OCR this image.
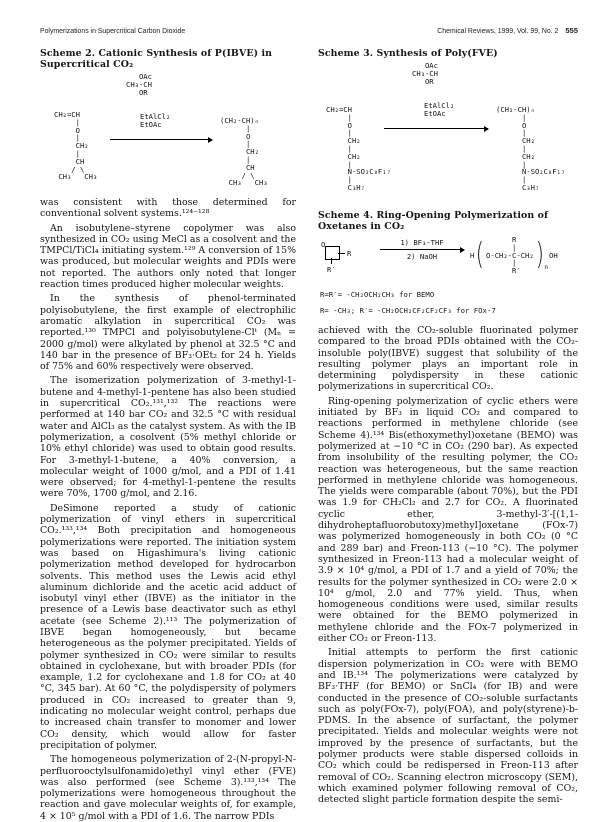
Polymerizations in Supercritical Carbon Dioxide	Chemical Reviews, 1999, Vol. 99, No. 2 555

Scheme 2. Cationic Synthesis of P(IBVE) in Supercritical CO₂

OAc
CH₃-CH
OR
EtAlCl₂
EtOAc
CH₂=CH
|
O
|
CH₂
|
CH
/ \
CH₃   CH₃
(CH₂-CH)ₙ
|
O
|
CH₂
|
CH
/ \
CH₃   CH₃

was consistent with those determined for conventional solvent systems.¹²⁴⁻¹²⁸

An isobutylene–styrene copolymer was also synthesized in CO₂ using MeCl as a cosolvent and the TMPCl/TiCl₄ initiating system.¹²⁹ A conversion of 15% was produced, but molecular weights and PDIs were not reported. The authors only noted that longer reaction times produced higher molecular weights.

In the synthesis of phenol-terminated polyisobutylene, the first example of electrophilic aromatic alkylation in supercritical CO₂ was reported.¹³⁰ TMPCl and polyisobutylene-Clᵗ (Mₙ = 2000 g/mol) were alkylated by phenol at 32.5 °C and 140 bar in the presence of BF₃·OEt₂ for 24 h. Yields of 75% and 60% respectively were observed.

The isomerization polymerization of 3-methyl-1-butene and 4-methyl-1-pentene has also been studied in supercritical CO₂.¹³¹,¹³² The reactions were performed at 140 bar CO₂ and 32.5 °C with residual water and AlCl₃ as the catalyst system. As with the IB polymerization, a cosolvent (5% methyl chloride or 10% ethyl chloride) was used to obtain good results. For 3-methyl-1-butene, a 40% conversion, a molecular weight of 1000 g/mol, and a PDI of 1.41 were observed; for 4-methyl-1-pentene the results were 70%, 1700 g/mol, and 2.16.

DeSimone reported a study of cationic polymerization of vinyl ethers in supercritical CO₂.¹³³,¹³⁴ Both precipitation and homogeneous polymerizations were reported. The initiation system was based on Higashimura's living cationic polymerization method developed for hydrocarbon solvents. This method uses the Lewis acid ethyl aluminum dichloride and the acetic acid adduct of isobutyl vinyl ether (IBVE) as the initiator in the presence of a Lewis base deactivator such as ethyl acetate (see Scheme 2).¹¹³ The polymerization of IBVE began homogeneously, but became heterogeneous as the polymer precipitated. Yields of polymer synthesized in CO₂ were similar to results obtained in cyclohexane, but with broader PDIs (for example, 1.2 for cyclohexane and 1.8 for CO₂ at 40 °C, 345 bar). At 60 °C, the polydispersity of polymers produced in CO₂ increased to greater than 9, indicating no molecular weight control, perhaps due to increased chain transfer to monomer and lower CO₂ density, which would allow for faster precipitation of polymer.

The homogeneous polymerization of 2-(N-propyl-N-perfluorooctylsulfonamido)ethyl vinyl ether (FVE) was also performed (see Scheme 3).¹³³,¹³⁴ The polymerizations were homogeneous throughout the reaction and gave molecular weights of, for example, 4 × 10⁵ g/mol with a PDI of 1.6. The narrow PDIs

Scheme 3. Synthesis of Poly(FVE)

OAc
CH₃-CH
OR
EtAlCl₂
EtOAc
CH₂=CH
|
O
|
CH₂
|
CH₂
|
N-SO₂C₈F₁₇
|
C₃H₇
(CH₂-CH)ₙ
|
O
|
CH₂
|
CH₂
|
N-SO₂C₈F₁₇
|
C₃H₇

Scheme 4. Ring-Opening Polymerization of Oxetanes in CO₂

O
R
R′
1) BF₃-THF
2) NaOH	H (	R
|
O-CH₂-C-CH₂
|
R′ ) n
OH
R=R′= -CH₂OCH₂CH₃ for BEMO
R= -CH₃; R′= -CH₂OCH₂CF₂CF₂CF₃ for FOx-7

achieved with the CO₂-soluble fluorinated polymer compared to the broad PDIs obtained with the CO₂-insoluble poly(IBVE) suggest that solubility of the resulting polymer plays an important role in determining polydispersity in these cationic polymerizations in supercritical CO₂.

Ring-opening polymerization of cyclic ethers were initiated by BF₃ in liquid CO₂ and compared to reactions performed in methylene chloride (see Scheme 4).¹³⁴ Bis(ethoxymethyl)oxetane (BEMO) was polymerized at −10 °C in CO₂ (290 bar). As expected from insolubility of the resulting polymer, the CO₂ reaction was heterogeneous, but the same reaction performed in methylene chloride was homogeneous. The yields were comparable (about 70%), but the PDI was 1.9 for CH₂Cl₂ and 2.7 for CO₂. A fluorinated cyclic ether, 3-methyl-3′-[(1,1-dihydroheptafluorobutoxy)methyl]oxetane (FOx-7) was polymerized homogeneously in both CO₂ (0 °C and 289 bar) and Freon-113 (−10 °C). The polymer synthesized in Freon-113 had a molecular weight of 3.9 × 10⁴ g/mol, a PDI of 1.7 and a yield of 70%; the results for the polymer synthesized in CO₂ were 2.0 × 10⁴ g/mol, 2.0 and 77% yield. Thus, when homogeneous conditions were used, similar results were obtained for the BEMO polymerized in methylene chloride and the FOx-7 polymerized in either CO₂ or Freon-113.

Initial attempts to perform the first cationic dispersion polymerization in CO₂ were with BEMO and IB.¹³⁴ The polymerizations were catalyzed by BF₃·THF (for BEMO) or SnCl₄ (for IB) and were conducted in the presence of CO₂-soluble surfactants such as poly(FOx-7), poly(FOA), and poly(styrene)-b-PDMS. In the absence of surfactant, the polymer precipitated. Yields and molecular weights were not improved by the presence of surfactants, but the polymer products were stable dispersed colloids in CO₂ which could be redispersed in Freon-113 after removal of CO₂. Scanning electron microscopy (SEM), which examined polymer following removal of CO₂, detected slight particle formation despite the semi-
